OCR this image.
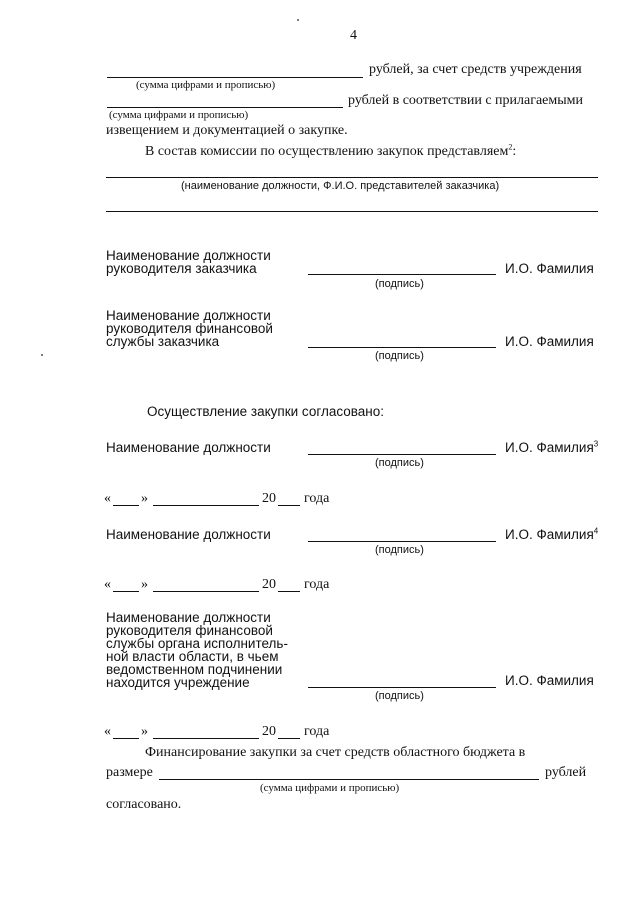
4
рублей, за счет средств учреждения
(сумма цифрами и прописью)
рублей в соответствии с прилагаемыми
(сумма цифрами и прописью)
извещением и документацией о закупке.
В состав комиссии по осуществлению закупок представляем$^2$:
(наименование должности, Ф.И.О. представителей заказчика)
Наименование должности
руководителя заказчика	И.О. Фамилия
(подпись)
Наименование должности
руководителя финансовой
службы заказчика	И.О. Фамилия
(подпись)
Осуществление закупки согласовано:
Наименование должности	И.О. Фамилия$^3$
(подпись)
« »	20 года
Наименование должности	И.О. Фамилия$^4$
(подпись)
« »	20 года
Наименование должности
руководителя финансовой
службы органа исполнитель-
ной власти области, в чьем
ведомственном подчинении
находится учреждение	И.О. Фамилия
(подпись)
« »	20 года
Финансирование закупки за счет средств областного бюджета в
размере	рублей
(сумма цифрами и прописью)
согласовано.
